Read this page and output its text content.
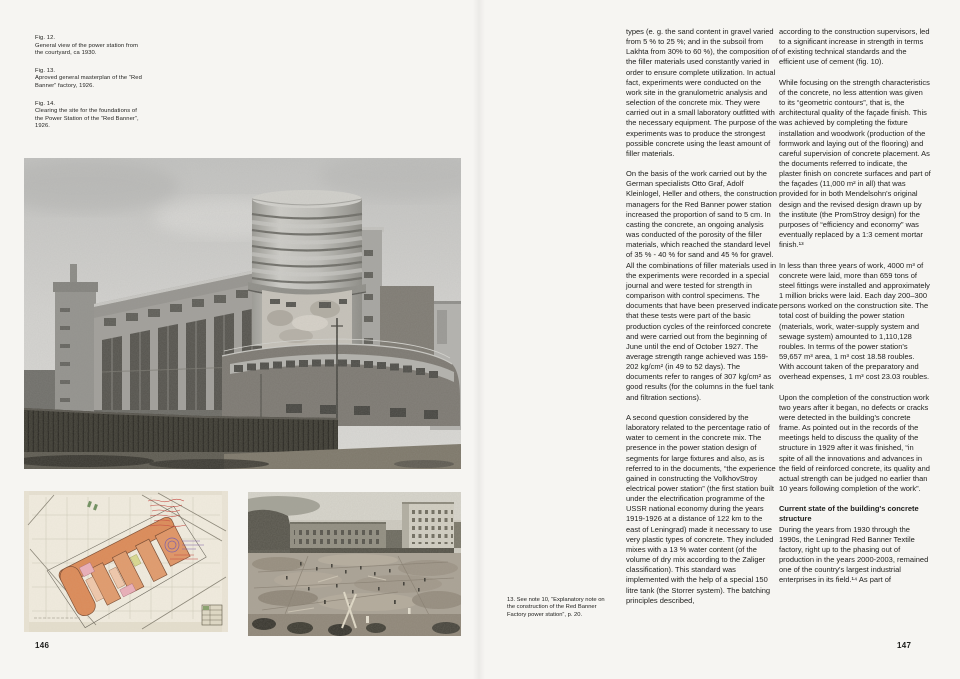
Fig. 12.
General view of the power station from the courtyard, ca 1930.
Fig. 13.
Aproved general masterplan of the “Red Banner” factory, 1926.
Fig. 14.
Clearing the site for the foundations of the Power Station of the “Red Banner”, 1926.
146

types (e. g. the sand content in gravel varied from 5 % to 25 %; and in the subsoil from Lakhta from 30% to 60 %), the composition of the filler materials used constantly varied in order to ensure complete utilization. In actual fact, experiments were conducted on the work site in the granulometric analysis and selection of the concrete mix. They were carried out in a small laboratory outfitted with the necessary equipment. The purpose of the experiments was to produce the strongest possible concrete using the least amount of filler materials.

On the basis of the work carried out by the German specialists Otto Graf, Adolf Kleinlogel, Heller and others, the construction managers for the Red Banner power station increased the proportion of sand to 5 cm. In casting the concrete, an ongoing analysis was conducted of the porosity of the filler materials, which reached the standard level of 35 % - 40 % for sand and 45 % for gravel. All the combinations of filler materials used in the experiments were recorded in a special journal and were tested for strength in comparison with control specimens. The documents that have been preserved indicate that these tests were part of the basic production cycles of the reinforced concrete and were carried out from the beginning of June until the end of October 1927. The average strength range achieved was 159-202 kg/cm² (in 49 to 52 days). The documents refer to ranges of 307 kg/cm² as good results (for the columns in the fuel tank and filtration sections).

A second question considered by the laboratory related to the percentage ratio of water to cement in the concrete mix. The presence in the power station design of segments for large fixtures and also, as is referred to in the documents, “the experience gained in constructing the VolkhovStroy electrical power station” (the first station built under the electrification programme of the USSR national economy during the years 1919-1926 at a distance of 122 km to the east of Leningrad) made it necessary to use very plastic types of concrete. They included mixes with a 13 % water content (of the volume of dry mix according to the Zaliger classification). This standard was implemented with the help of a special 150 litre tank (the Storrer system). The batching principles described,

according to the construction supervisors, led to a significant increase in strength in terms of existing technical standards and the efficient use of cement (fig. 10).

While focusing on the strength characteristics of the concrete, no less attention was given to its “geometric contours”, that is, the architectural quality of the façade finish. This was achieved by completing the fixture installation and woodwork (production of the formwork and laying out of the flooring) and careful supervision of concrete placement. As the documents referred to indicate, the plaster finish on concrete surfaces and part of the façades (11,000 m² in all) that was provided for in both Mendelsohn's original design and the revised design drawn up by the institute (the PromStroy design) for the purposes of “efficiency and economy” was eventually replaced by a 1:3 cement mortar finish.¹³

In less than three years of work, 4000 m³ of concrete were laid, more than 659 tons of steel fittings were installed and approximately 1 million bricks were laid. Each day 200–300 persons worked on the construction site. The total cost of building the power station (materials, work, water-supply system and sewage system) amounted to 1,110,128 roubles. In terms of the power station's 59,657 m³ area, 1 m³ cost 18.58 roubles. With account taken of the preparatory and overhead expenses, 1 m³ cost 23.03 roubles.

Upon the completion of the construction work two years after it began, no defects or cracks were detected in the building's concrete frame. As pointed out in the records of the meetings held to discuss the quality of the structure in 1929 after it was finished, “in spite of all the innovations and advances in the field of reinforced concrete, its quality and actual strength can be judged no earlier than 10 years following completion of the work”.

Current state of the building's concrete structure

During the years from 1930 through the 1990s, the Leningrad Red Banner Textile factory, right up to the phasing out of production in the years 2000-2003, remained one of the country's largest industrial enterprises in its field.¹⁴ As part of

13. See note 10, “Explanatory note on the construction of the Red Banner Factory power station”, p. 20.
147
